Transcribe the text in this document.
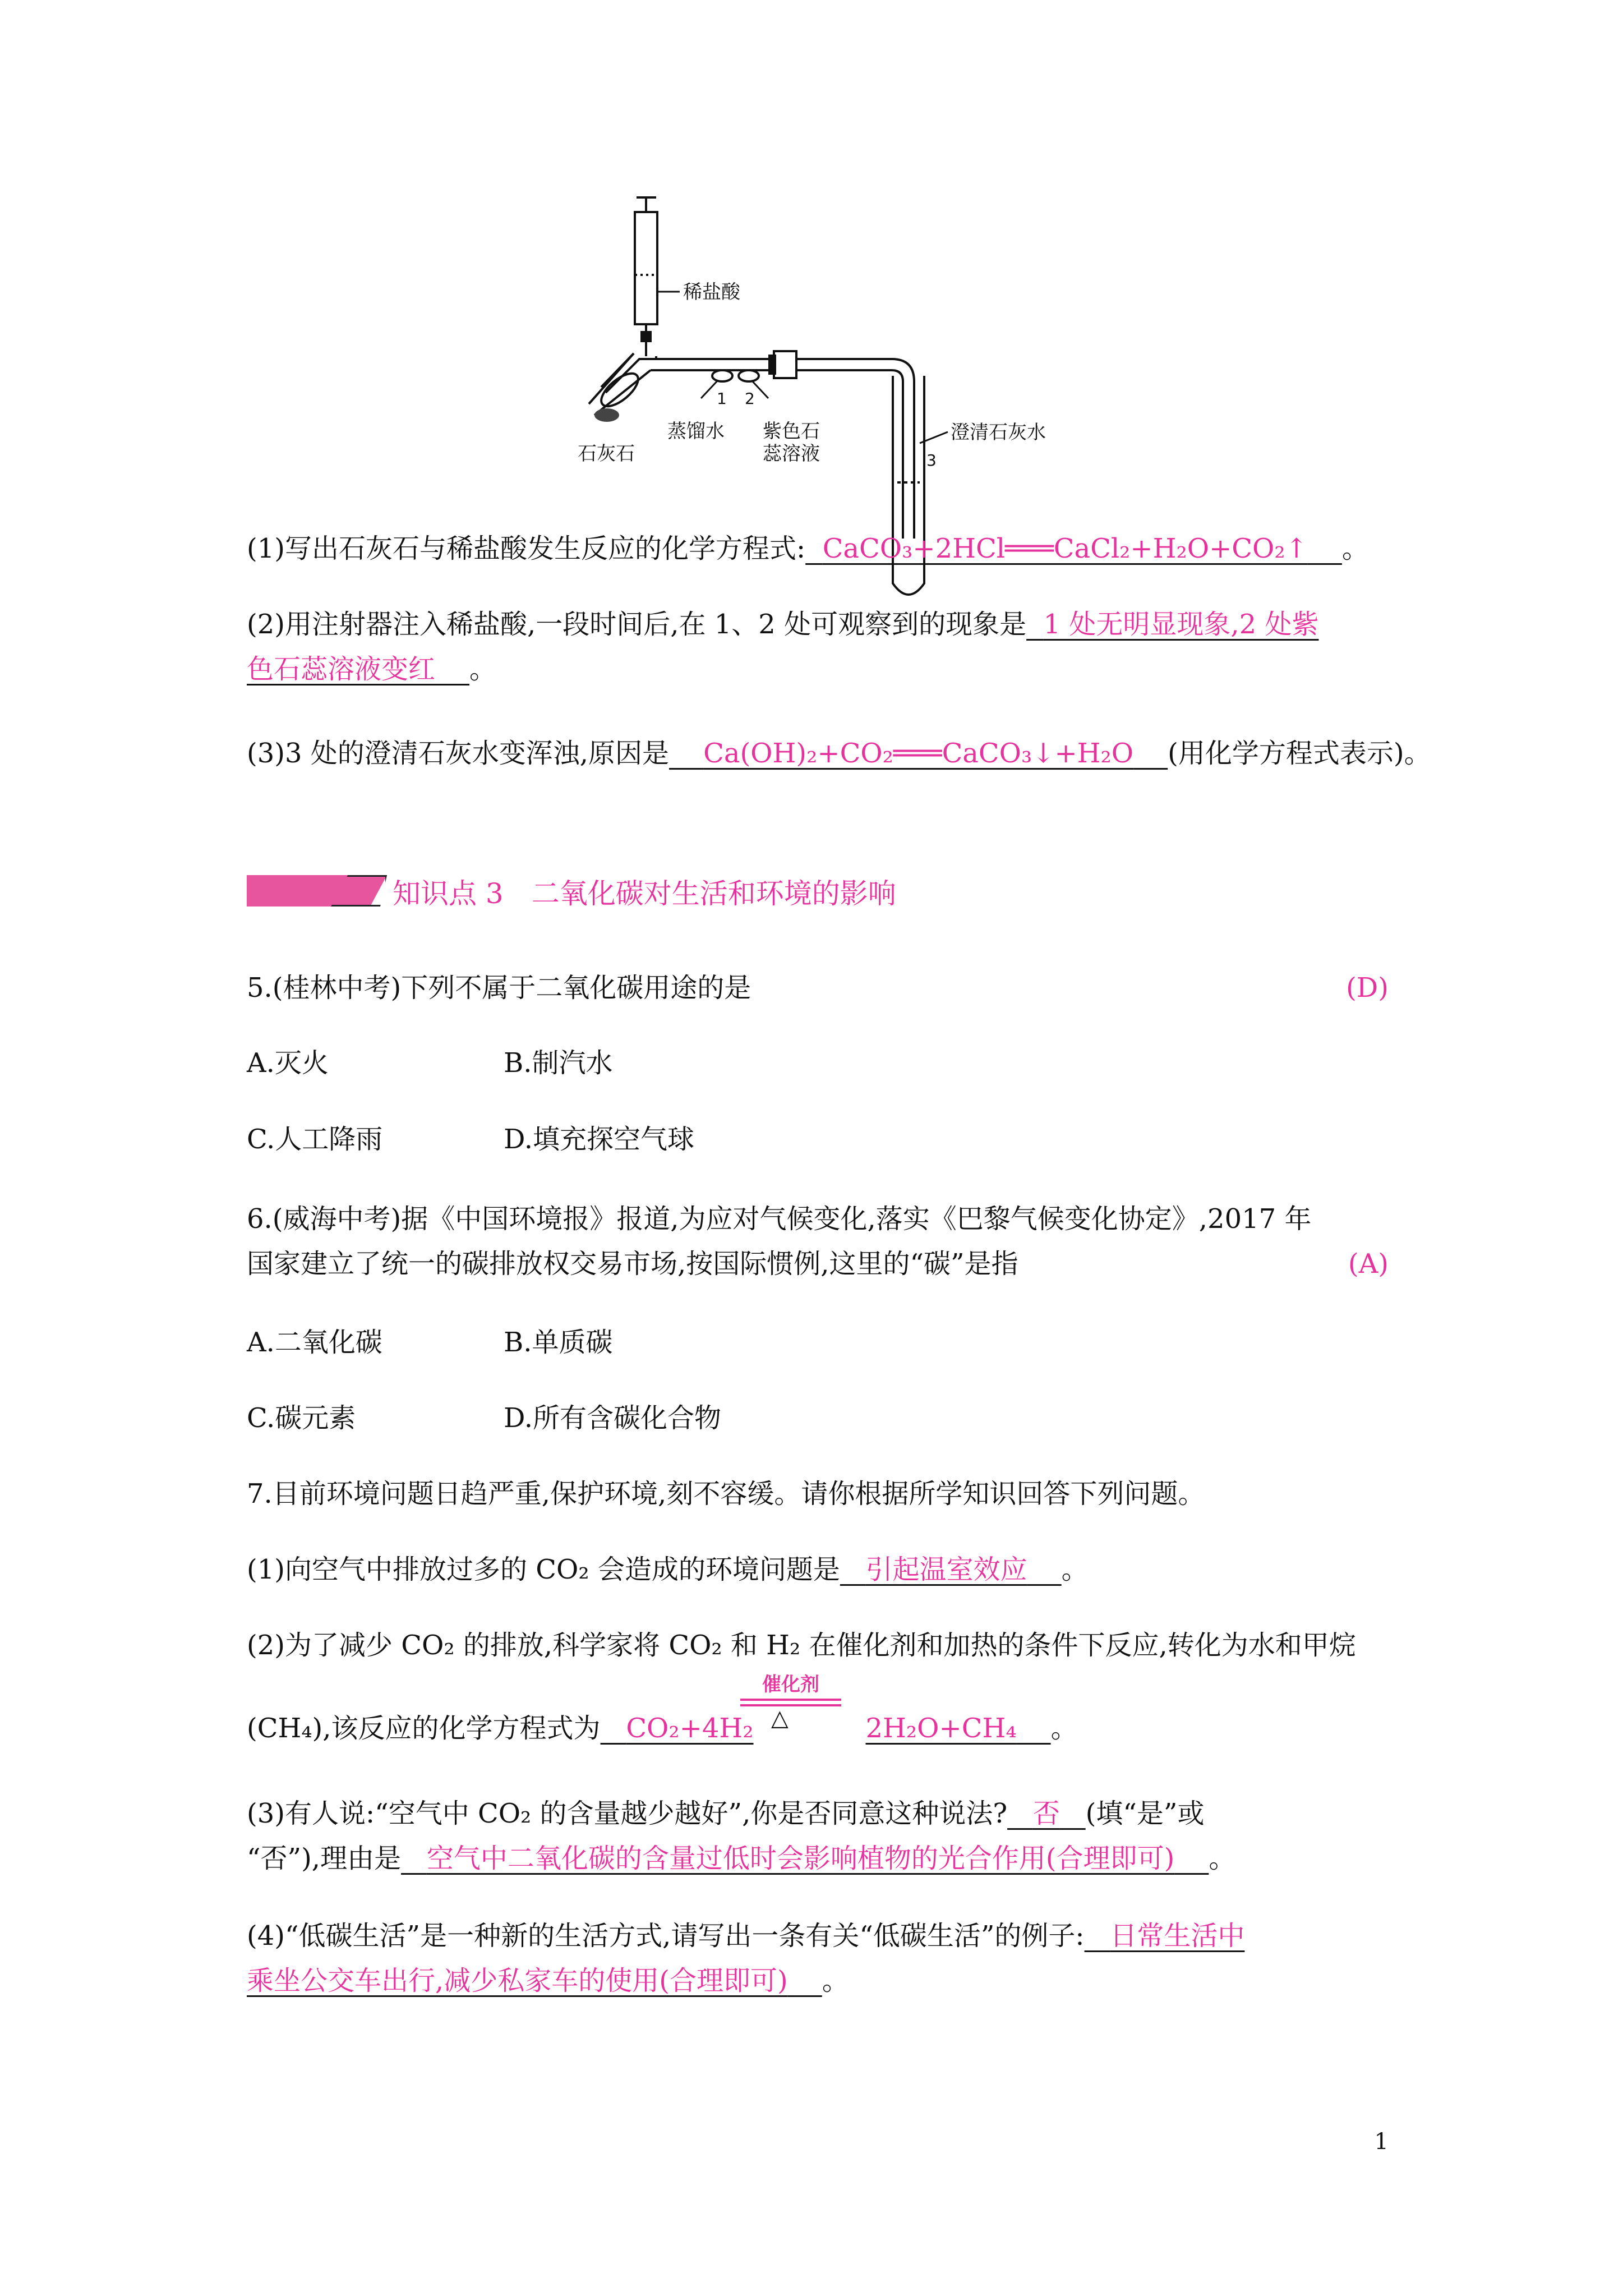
稀盐酸
石灰石
1 2
蒸馏水 紫色石
蕊溶液
澄清石灰水
3
(1)写出石灰石与稀盐酸发生反应的化学方程式: CaCO₃+2HCl═══CaCl₂+H₂O+CO₂↑ 。
(2)用注射器注入稀盐酸,一段时间后,在 1、2 处可观察到的现象是 1 处无明显现象,2 处紫
色石蕊溶液变红 。
(3)3 处的澄清石灰水变浑浊,原因是 Ca(OH)₂+CO₂═══CaCO₃↓+H₂O (用化学方程式表示)。
知识点 3　二氧化碳对生活和环境的影响
5.(桂林中考)下列不属于二氧化碳用途的是	(D)
A.灭火	B.制汽水
C.人工降雨	D.填充探空气球
6.(威海中考)据《中国环境报》报道,为应对气候变化,落实《巴黎气候变化协定》,2017 年
国家建立了统一的碳排放权交易市场,按国际惯例,这里的“碳”是指	(A)
A.二氧化碳	B.单质碳
C.碳元素	D.所有含碳化合物
7.目前环境问题日趋严重,保护环境,刻不容缓。请你根据所学知识回答下列问题。
(1)向空气中排放过多的 CO₂ 会造成的环境问题是 引起温室效应 。
(2)为了减少 CO₂ 的排放,科学家将 CO₂ 和 H₂ 在催化剂和加热的条件下反应,转化为水和甲烷
催化剂
△
(CH₄),该反应的化学方程式为 CO₂+4H₂	2H₂O+CH₄ 。
(3)有人说:“空气中 CO₂ 的含量越少越好”,你是否同意这种说法? 否 (填“是”或
“否”),理由是 空气中二氧化碳的含量过低时会影响植物的光合作用(合理即可) 。
(4)“低碳生活”是一种新的生活方式,请写出一条有关“低碳生活”的例子: 日常生活中
乘坐公交车出行,减少私家车的使用(合理即可) 。
1
